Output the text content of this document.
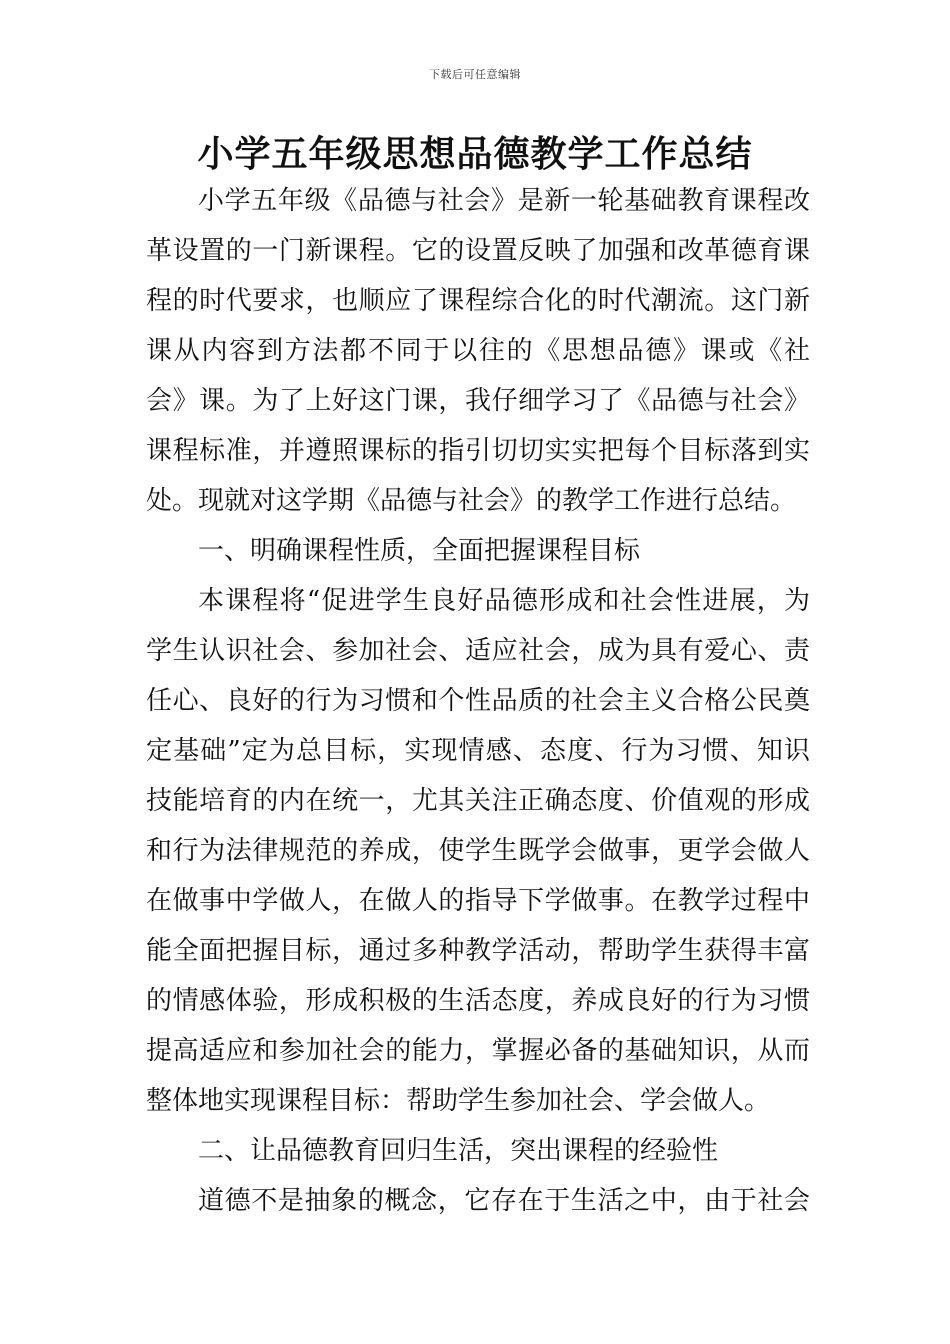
下载后可任意编辑
小学五年级思想品德教学工作总结
小学五年级《品德与社会》是新一轮基础教育课程改
革设置的一门新课程。它的设置反映了加强和改革德育课
程的时代要求，也顺应了课程综合化的时代潮流。这门新
课从内容到方法都不同于以往的《思想品德》课或《社
会》课。为了上好这门课，我仔细学习了《品德与社会》
课程标准，并遵照课标的指引切切实实把每个目标落到实
处。现就对这学期《品德与社会》的教学工作进行总结。
一、明确课程性质，全面把握课程目标
本课程将“促进学生良好品德形成和社会性进展，为
学生认识社会、参加社会、适应社会，成为具有爱心、责
任心、良好的行为习惯和个性品质的社会主义合格公民奠
定基础”定为总目标，实现情感、态度、行为习惯、知识
技能培育的内在统一，尤其关注正确态度、价值观的形成
和行为法律规范的养成，使学生既学会做事，更学会做人
在做事中学做人，在做人的指导下学做事。在教学过程中
能全面把握目标，通过多种教学活动，帮助学生获得丰富
的情感体验，形成积极的生活态度，养成良好的行为习惯
提高适应和参加社会的能力，掌握必备的基础知识，从而
整体地实现课程目标：帮助学生参加社会、学会做人。
二、让品德教育回归生活，突出课程的经验性
道德不是抽象的概念，它存在于生活之中，由于社会
